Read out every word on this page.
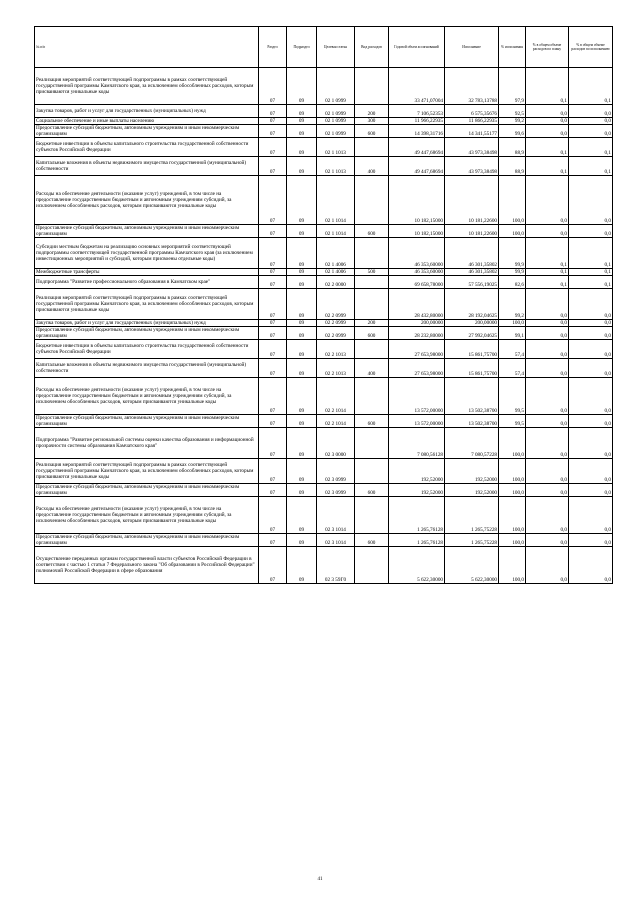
№ п/п	Раздел	Подраздел	Целевая статья	Вид расходов	Годовой объем ассигнований	Исполнение	% исполнения	% в общем объеме расходов по плану	% в общем объеме расходов по исполнению
Реализация мероприятий соответствующей подпрограммы в рамках соответствующей государственной программы Камчатского края, за исключением обособленных расходов, которым присваиваются уникальные коды	07	09	02 1 0999		33 471,07004	32 783,13788	97,9	0,1	0,1
Закупка товаров, работ и услуг для государственных (муниципальных) нужд	07	09	02 1 0999	200	7 106,52353	6 575,35676	92,5	0,0	0,0
Социальное обеспечение и иные выплаты населению	07	09	02 1 0999	300	11 966,22935	11 866,22935	99,2	0,0	0,0
Предоставление субсидий бюджетным, автономным учреждениям и иным некоммерческим организациям	07	09	02 1 0999	600	14 398,31716	14 341,55177	99,6	0,0	0,0
Бюджетные инвестиции в объекты капитального строительства государственной собственности субъектов Российской Федерации	07	09	02 1 1013		49 447,68694	43 973,38498	88,9	0,1	0,1
Капитальные вложения в объекты недвижимого имущества государственной (муниципальной) собственности	07	09	02 1 1013	400	49 447,68694	43 973,38498	88,9	0,1	0,1
Расходы на обеспечение деятельности (оказание услуг) учреждений, в том числе на предоставление государственным бюджетным и автономным учреждениям субсидий, за исключением обособленных расходов, которым присваиваются уникальные коды	07	09	02 1 1014		10 182,15000	10 181,22600	100,0	0,0	0,0
Предоставление субсидий бюджетным, автономным учреждениям и иным некоммерческим организациям	07	09	02 1 1014	600	10 182,15000	10 181,22600	100,0	0,0	0,0
Субсидии местным бюджетам на реализацию основных мероприятий соответствующей подпрограммы соответствующей государственной программы Камчатского края (за исключением инвестиционных мероприятий и субсидий, которым присвоены отдельные коды)	07	09	02 1 4006		46 353,60000	46 301,35802	99,9	0,1	0,1
Межбюджетные трансферты	07	09	02 1 4006	500	46 353,60000	46 301,35802	99,9	0,1	0,1
Подпрограмма "Развитие профессионального образования в Камчатском крае"	07	09	02 2 0000		69 658,78000	57 556,19025	82,6	0,1	0,1
Реализация мероприятий соответствующей подпрограммы в рамках соответствующей государственной программы Камчатского края, за исключением обособленных расходов, которым присваиваются уникальные коды	07	09	02 2 0999		28 432,80000	28 192,04625	99,2	0,0	0,0
Закупка товаров, работ и услуг для государственных (муниципальных) нужд	07	09	02 2 0999	200	200,00000	200,00000	100,0	0,0	0,0
Предоставление субсидий бюджетным, автономным учреждениям и иным некоммерческим организациям	07	09	02 2 0999	600	28 232,80000	27 992,04625	99,1	0,0	0,0
Бюджетные инвестиции в объекты капитального строительства государственной собственности субъектов Российской Федерации	07	09	02 2 1013		27 653,98000	15 861,75700	57,4	0,0	0,0
Капитальные вложения в объекты недвижимого имущества государственной (муниципальной) собственности	07	09	02 2 1013	400	27 653,98000	15 861,75700	57,4	0,0	0,0
Расходы на обеспечение деятельности (оказание услуг) учреждений, в том числе на предоставление государственным бюджетным и автономным учреждениям субсидий, за исключением обособленных расходов, которым присваиваются уникальные коды	07	09	02 2 1014		13 572,00000	13 502,38700	99,5	0,0	0,0
Предоставление субсидий бюджетным, автономным учреждениям и иным некоммерческим организациям	07	09	02 2 1014	600	13 572,00000	13 502,38700	99,5	0,0	0,0
Подпрограмма "Развитие региональной системы оценки качества образования и информационной прозрачности системы образования Камчатского края"	07	09	02 3 0000		7 080,56128	7 080,57228	100,0	0,0	0,0
Реализация мероприятий соответствующей подпрограммы в рамках соответствующей государственной программы Камчатского края, за исключением обособленных расходов, которым присваиваются уникальные коды	07	09	02 3 0999		192,52000	192,52000	100,0	0,0	0,0
Предоставление субсидий бюджетным, автономным учреждениям и иным некоммерческим организациям	07	09	02 3 0999	600	192,52000	192,52000	100,0	0,0	0,0
Расходы на обеспечение деятельности (оказание услуг) учреждений, в том числе на предоставление государственным бюджетным и автономным учреждениям субсидий, за исключением обособленных расходов, которым присваиваются уникальные коды	07	09	02 3 1014		1 265,76128	1 265,75228	100,0	0,0	0,0
Предоставление субсидий бюджетным, автономным учреждениям и иным некоммерческим организациям	07	09	02 3 1014	600	1 265,76128	1 265,75228	100,0	0,0	0,0
Осуществление переданных органам государственной власти субъектов Российской Федерации в соответствии с частью 1 статьи 7 Федерального закона "Об образовании в Российской Федерации" полномочий Российской Федерации в сфере образования	07	09	02 3 59Г0		5 622,30000	5 622,30000	100,0	0,0	0,0
41
